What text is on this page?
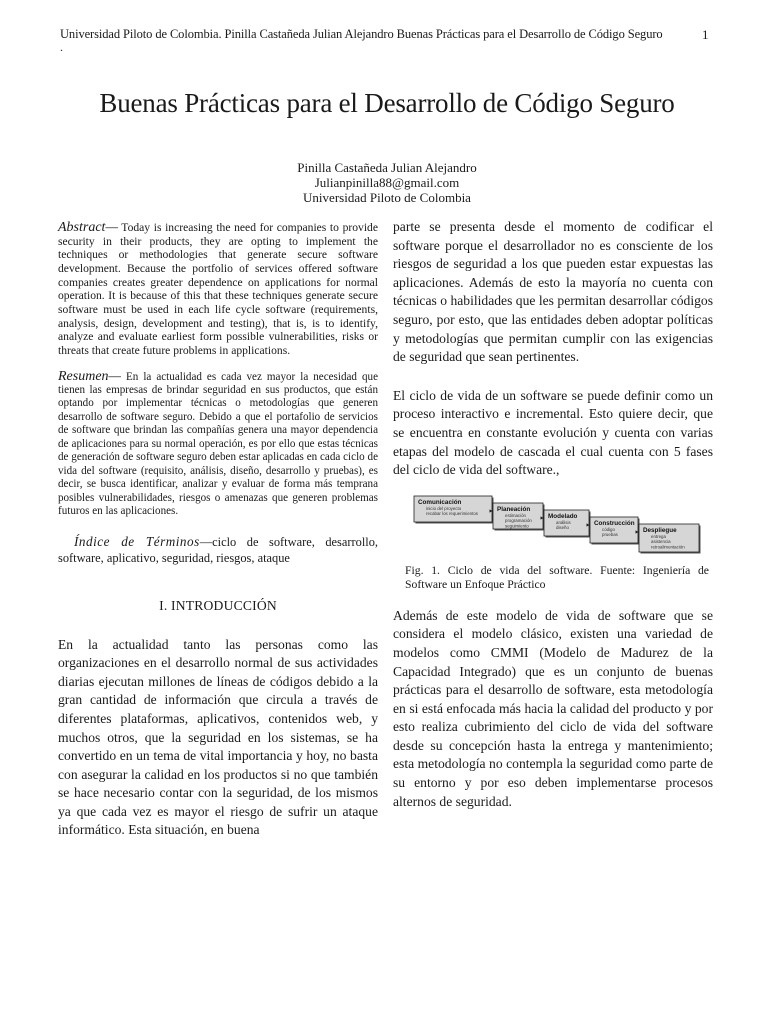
Universidad Piloto de Colombia. Pinilla Castañeda Julian Alejandro Buenas Prácticas para el Desarrollo de Código Seguro
.
1
Buenas Prácticas para el Desarrollo de Código Seguro
Pinilla Castañeda Julian Alejandro
Julianpinilla88@gmail.com
Universidad Piloto de Colombia
Abstract— Today is increasing the need for companies to provide security in their products, they are opting to implement the techniques or methodologies that generate secure software development. Because the portfolio of services offered software companies creates greater dependence on applications for normal operation. It is because of this that these techniques generate secure software must be used in each life cycle software (requirements, analysis, design, development and testing), that is, is to identify, analyze and evaluate earliest form possible vulnerabilities, risks or threats that create future problems in applications.
Resumen— En la actualidad es cada vez mayor la necesidad que tienen las empresas de brindar seguridad en sus productos, que están optando por implementar técnicas o metodologías que generen desarrollo de software seguro. Debido a que el portafolio de servicios de software que brindan las compañías genera una mayor dependencia de aplicaciones para su normal operación, es por ello que estas técnicas de generación de software seguro deben estar aplicadas en cada ciclo de vida del software (requisito, análisis, diseño, desarrollo y pruebas), es decir, se busca identificar, analizar y evaluar de forma más temprana posibles vulnerabilidades, riesgos o amenazas que generen problemas futuros en las aplicaciones.
Índice de Términos—ciclo de software, desarrollo, software, aplicativo, seguridad, riesgos, ataque
I. INTRODUCCIÓN
En la actualidad tanto las personas como las organizaciones en el desarrollo normal de sus actividades diarias ejecutan millones de líneas de códigos debido a la gran cantidad de información que circula a través de diferentes plataformas, aplicativos, contenidos web, y muchos otros, que la seguridad en los sistemas, se ha convertido en un tema de vital importancia y hoy, no basta con asegurar la calidad en los productos si no que también se hace necesario contar con la seguridad, de los mismos ya que cada vez es mayor el riesgo de sufrir un ataque informático. Esta situación, en buena
parte se presenta desde el momento de codificar el software porque el desarrollador no es consciente de los riesgos de seguridad a los que pueden estar expuestas las aplicaciones. Además de esto la mayoría no cuenta con técnicas o habilidades que les permitan desarrollar códigos seguro, por esto, que las entidades deben adoptar políticas y metodologías que permitan cumplir con las exigencias de seguridad que sean pertinentes.
El ciclo de vida de un software se puede definir como un proceso interactivo e incremental. Esto quiere decir, que se encuentra en constante evolución y cuenta con varias etapas del modelo de cascada el cual cuenta con 5 fases del ciclo de vida del software.,
Comunicación
inicio del proyecto
recabar los requerimientos
Planeación
estimación
programación
seguimiento
Modelado
análisis
diseño
Construcción
código
pruebas
Despliegue
entrega
asistencia
retroalimentación
Fig. 1. Ciclo de vida del software. Fuente: Ingeniería de Software un Enfoque Práctico
Además de este modelo de vida de software que se considera el modelo clásico, existen una variedad de modelos como CMMI (Modelo de Madurez de la Capacidad Integrado) que es un conjunto de buenas prácticas para el desarrollo de software, esta metodología en si está enfocada más hacia la calidad del producto y por esto realiza cubrimiento del ciclo de vida del software desde su concepción hasta la entrega y mantenimiento; esta metodología no contempla la seguridad como parte de su entorno y por eso deben implementarse procesos alternos de seguridad.
